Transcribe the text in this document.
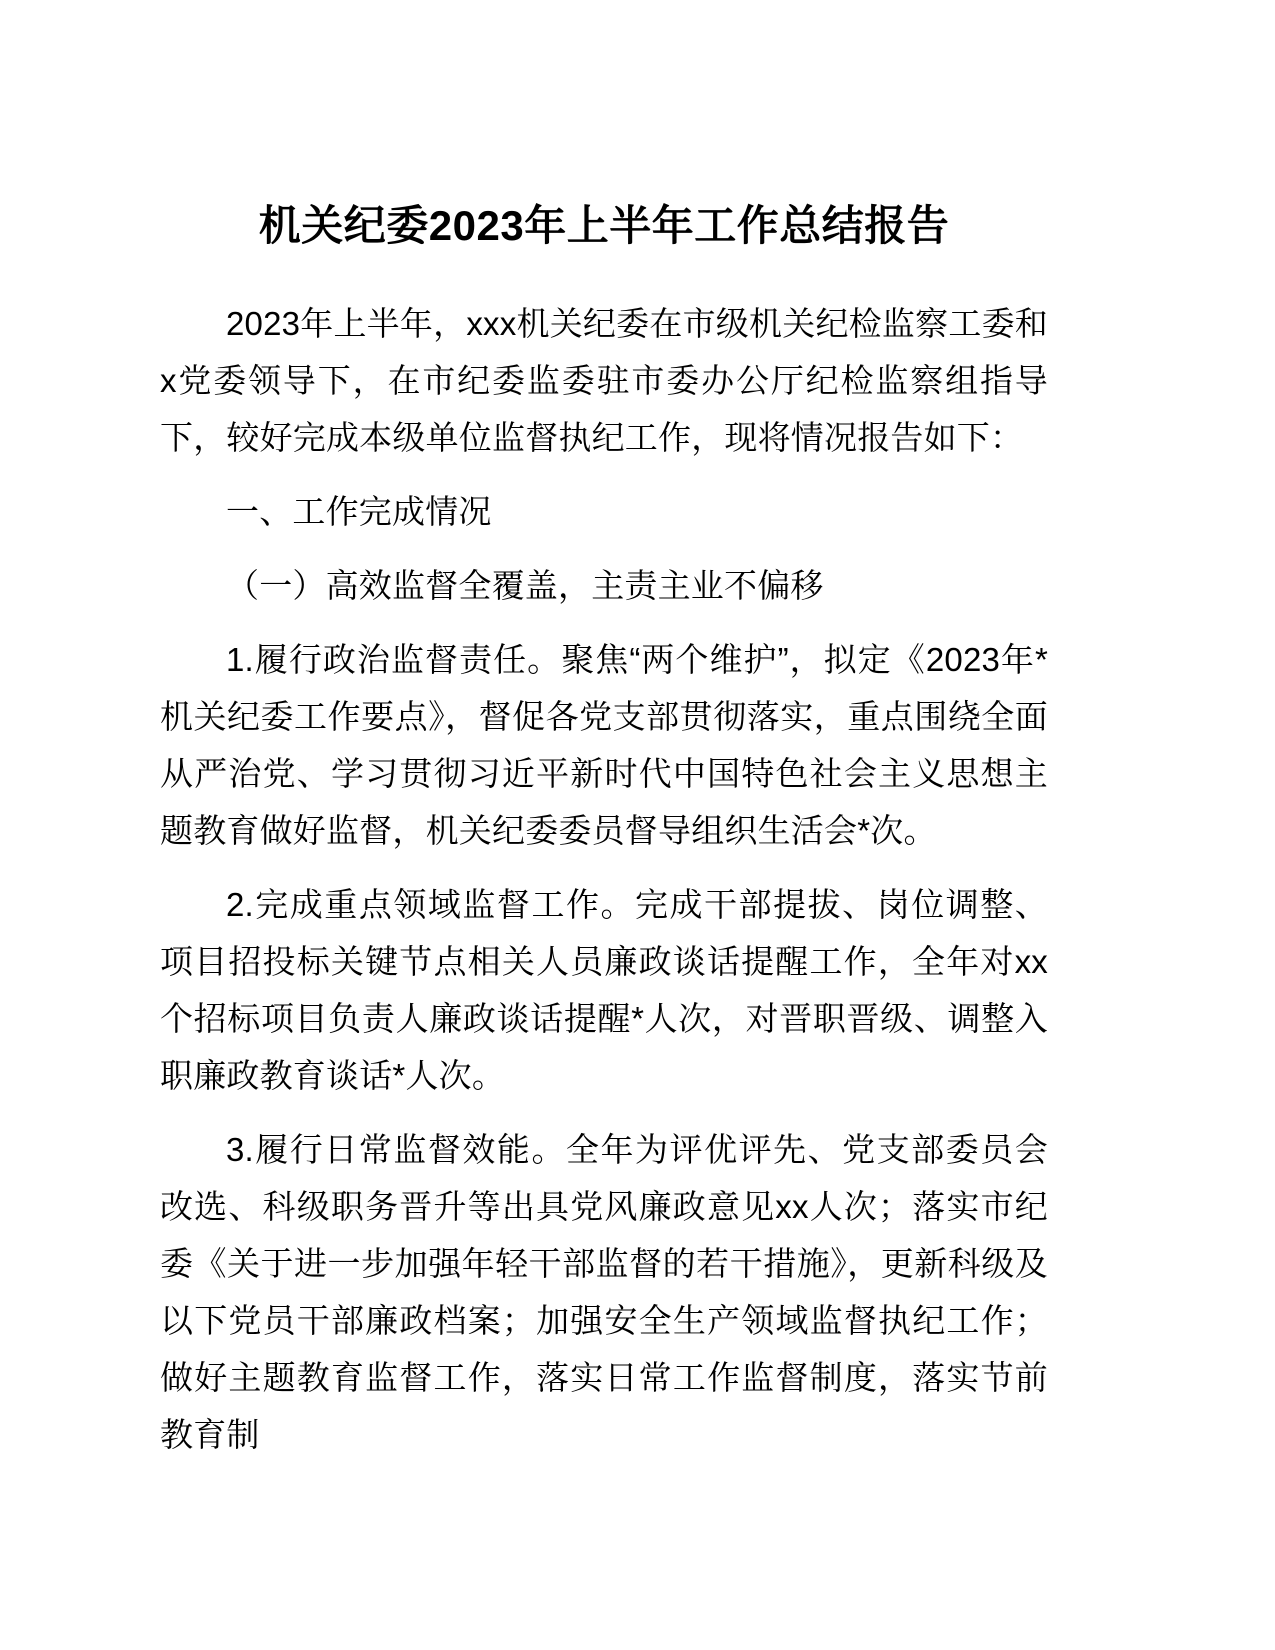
机关纪委2023年上半年工作总结报告

2023年上半年，xxx机关纪委在市级机关纪检监察工委和x党委领导下，在市纪委监委驻市委办公厅纪检监察组指导下，较好完成本级单位监督执纪工作，现将情况报告如下：

一、工作完成情况

（一）高效监督全覆盖，主责主业不偏移

1.履行政治监督责任。聚焦“两个维护”，拟定《2023年*机关纪委工作要点》，督促各党支部贯彻落实，重点围绕全面从严治党、学习贯彻习近平新时代中国特色社会主义思想主题教育做好监督，机关纪委委员督导组织生活会*次。

2.完成重点领域监督工作。完成干部提拔、岗位调整、项目招投标关键节点相关人员廉政谈话提醒工作，全年对xx个招标项目负责人廉政谈话提醒*人次，对晋职晋级、调整入职廉政教育谈话*人次。

3.履行日常监督效能。全年为评优评先、党支部委员会改选、科级职务晋升等出具党风廉政意见xx人次；落实市纪委《关于进一步加强年轻干部监督的若干措施》，更新科级及以下党员干部廉政档案；加强安全生产领域监督执纪工作；做好主题教育监督工作，落实日常工作监督制度，落实节前教育制
